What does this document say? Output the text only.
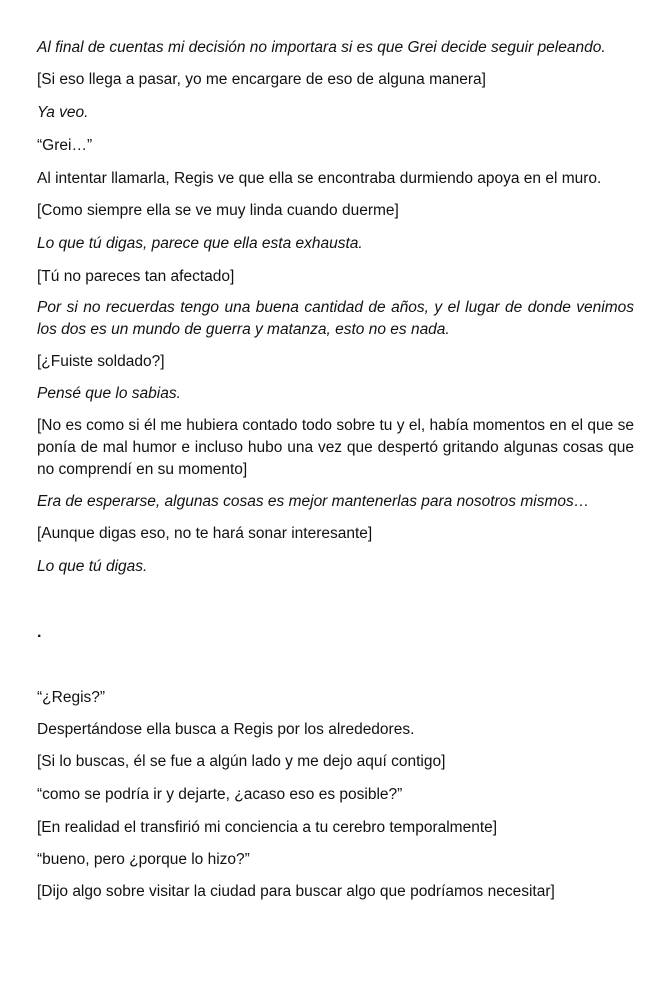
Al final de cuentas mi decisión no importara si es que Grei decide seguir peleando.
[Si eso llega a pasar, yo me encargare de eso de alguna manera]
Ya veo.
“Grei…”
Al intentar llamarla, Regis ve que ella se encontraba durmiendo apoya en el muro.
[Como siempre ella se ve muy linda cuando duerme]
Lo que tú digas, parece que ella esta exhausta.
[Tú no pareces tan afectado]
Por si no recuerdas tengo una buena cantidad de años, y el lugar de donde venimos los dos es un mundo de guerra y matanza, esto no es nada.
[¿Fuiste soldado?]
Pensé que lo sabias.
[No es como si él me hubiera contado todo sobre tu y el, había momentos en el que se ponía de mal humor e incluso hubo una vez que despertó gritando algunas cosas que no comprendí en su momento]
Era de esperarse, algunas cosas es mejor mantenerlas para nosotros mismos…
[Aunque digas eso, no te hará sonar interesante]
Lo que tú digas.
.
“¿Regis?”
Despertándose ella busca a Regis por los alrededores.
[Si lo buscas, él se fue a algún lado y me dejo aquí contigo]
“como se podría ir y dejarte, ¿acaso eso es posible?”
[En realidad el transfirió mi conciencia a tu cerebro temporalmente]
“bueno, pero ¿porque lo hizo?”
[Dijo algo sobre visitar la ciudad para buscar algo que podríamos necesitar]
